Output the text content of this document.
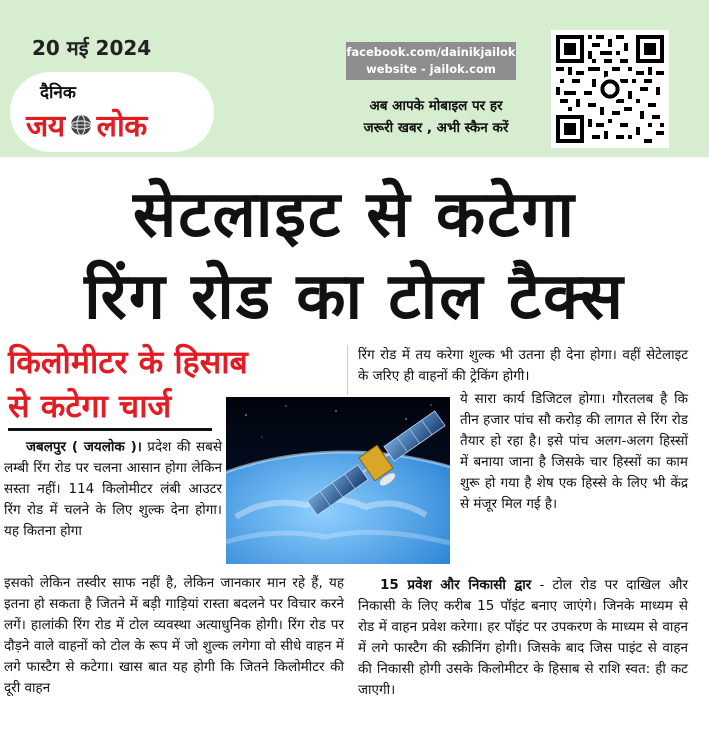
20 मई 2024
दैनिक
जय लोक
facebook.com/dainikjailok
website - jailok.com
अब आपके मोबाइल पर हर
जरूरी खबर , अभी स्कैन करें
सेटलाइट से कटेगा
रिंग रोड का टोल टैक्स
किलोमीटर के हिसाब
से कटेगा चार्ज
जबलपुर ( जयलोक )। प्रदेश की सबसे लम्बी रिंग रोड पर चलना आसान होगा लेकिन सस्ता नहीं। 114 किलोमीटर लंबी आउटर रिंग रोड में चलने के लिए शुल्क देना होगा। यह कितना होगा
इसको लेकिन तस्वीर साफ नहीं है, लेकिन जानकार मान रहे हैं, यह इतना हो सकता है जितने में बड़ी गाड़ियां रास्ता बदलने पर विचार करने लगें। हालांकी रिंग रोड में टोल व्यवस्था अत्याधुनिक होगी। रिंग रोड पर दौड़ने वाले वाहनों को टोल के रूप में जो शुल्क लगेगा वो सीधे वाहन में लगे फास्टैग से कटेगा। खास बात यह होगी कि जितने किलोमीटर की दूरी वाहन
रिंग रोड में तय करेगा शुल्क भी उतना ही देना होगा। वहीं सेटेलाइट के जरिए ही वाहनों की ट्रेकिंग होगी।
ये सारा कार्य डिजिटल होगा। गौरतलब है कि तीन हजार पांच सौ करोड़ की लागत से रिंग रोड तैयार हो रहा है। इसे पांच अलग-अलग हिस्सों में बनाया जाना है जिसके चार हिस्सों का काम शुरू हो गया है शेष एक हिस्से के लिए भी केंद्र से मंजूर मिल गई है।
15 प्रवेश और निकासी द्वार - टोल रोड पर दाखिल और निकासी के लिए करीब 15 पॉइंट बनाए जाएंगे। जिनके माध्यम से रोड में वाहन प्रवेश करेगा। हर पॉइंट पर उपकरण के माध्यम से वाहन में लगे फास्टैग की स्क्रीनिंग होगी। जिसके बाद जिस पाइंट से वाहन की निकासी होगी उसके किलोमीटर के हिसाब से राशि स्वत: ही कट जाएगी।
